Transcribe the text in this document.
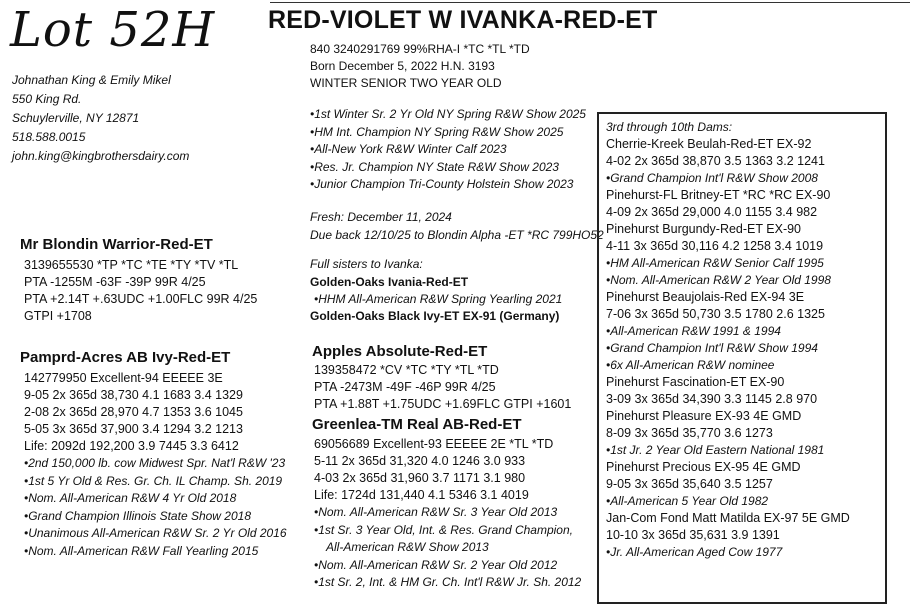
Lot 52H RED-VIOLET W IVANKA-RED-ET
Johnathan King & Emily Mikel
550 King Rd.
Schuylerville, NY 12871
518.588.0015
john.king@kingbrothersdairy.com
840 3240291769 99%RHA-I *TC *TL *TD
Born December 5, 2022 H.N. 3193
WINTER SENIOR TWO YEAR OLD
•1st Winter Sr. 2 Yr Old NY Spring R&W Show 2025
•HM Int. Champion NY Spring R&W Show 2025
•All-New York R&W Winter Calf 2023
•Res. Jr. Champion NY State R&W Show 2023
•Junior Champion Tri-County Holstein Show 2023
Fresh: December 11, 2024
Due back 12/10/25 to Blondin Alpha -ET *RC 799HO52
Full sisters to Ivanka:
Golden-Oaks Ivania-Red-ET
•HHM All-American R&W Spring Yearling 2021
Golden-Oaks Black Ivy-ET EX-91 (Germany)
Mr Blondin Warrior-Red-ET
3139655530 *TP *TC *TE *TY *TV *TL
PTA -1255M -63F -39P 99R 4/25
PTA +2.14T +.63UDC +1.00FLC 99R 4/25
GTPI +1708
Pamprd-Acres AB Ivy-Red-ET
142779950 Excellent-94 EEEEE 3E
9-05 2x 365d 38,730 4.1 1683 3.4 1329
2-08 2x 365d 28,970 4.7 1353 3.6 1045
5-05 3x 365d 37,900 3.4 1294 3.2 1213
Life: 2092d 192,200 3.9 7445 3.3 6412
•2nd 150,000 lb. cow Midwest Spr. Nat'l R&W '23
•1st 5 Yr Old & Res. Gr. Ch. IL Champ. Sh. 2019
•Nom. All-American R&W 4 Yr Old 2018
•Grand Champion Illinois State Show 2018
•Unanimous All-American R&W Sr. 2 Yr Old 2016
•Nom. All-American R&W Fall Yearling 2015
Apples Absolute-Red-ET
139358472 *CV *TC *TY *TL *TD
PTA -2473M -49F -46P 99R 4/25
PTA +1.88T +1.75UDC +1.69FLC GTPI +1601
Greenlea-TM Real AB-Red-ET
69056689 Excellent-93 EEEEE 2E *TL *TD
5-11 2x 365d 31,320 4.0 1246 3.0 933
4-03 2x 365d 31,960 3.7 1171 3.1 980
Life: 1724d 131,440 4.1 5346 3.1 4019
•Nom. All-American R&W Sr. 3 Year Old 2013
•1st Sr. 3 Year Old, Int. & Res. Grand Champion,
All-American R&W Show 2013
•Nom. All-American R&W Sr. 2 Year Old 2012
•1st Sr. 2, Int. & HM Gr. Ch. Int'l R&W Jr. Sh. 2012
3rd through 10th Dams:
Cherrie-Kreek Beulah-Red-ET EX-92
4-02 2x 365d 38,870 3.5 1363 3.2 1241
•Grand Champion Int'l R&W Show 2008
Pinehurst-FL Britney-ET *RC *RC EX-90
4-09 2x 365d 29,000 4.0 1155 3.4 982
Pinehurst Burgundy-Red-ET EX-90
4-11 3x 365d 30,116 4.2 1258 3.4 1019
•HM All-American R&W Senior Calf 1995
•Nom. All-American R&W 2 Year Old 1998
Pinehurst Beaujolais-Red EX-94 3E
7-06 3x 365d 50,730 3.5 1780 2.6 1325
•All-American R&W 1991 & 1994
•Grand Champion Int'l R&W Show 1994
•6x All-American R&W nominee
Pinehurst Fascination-ET EX-90
3-09 3x 365d 34,390 3.3 1145 2.8 970
Pinehurst Pleasure EX-93 4E GMD
8-09 3x 365d 35,770 3.6 1273
•1st Jr. 2 Year Old Eastern National 1981
Pinehurst Precious EX-95 4E GMD
9-05 3x 365d 35,640 3.5 1257
•All-American 5 Year Old 1982
Jan-Com Fond Matt Matilda EX-97 5E GMD
10-10 3x 365d 35,631 3.9 1391
•Jr. All-American Aged Cow 1977
